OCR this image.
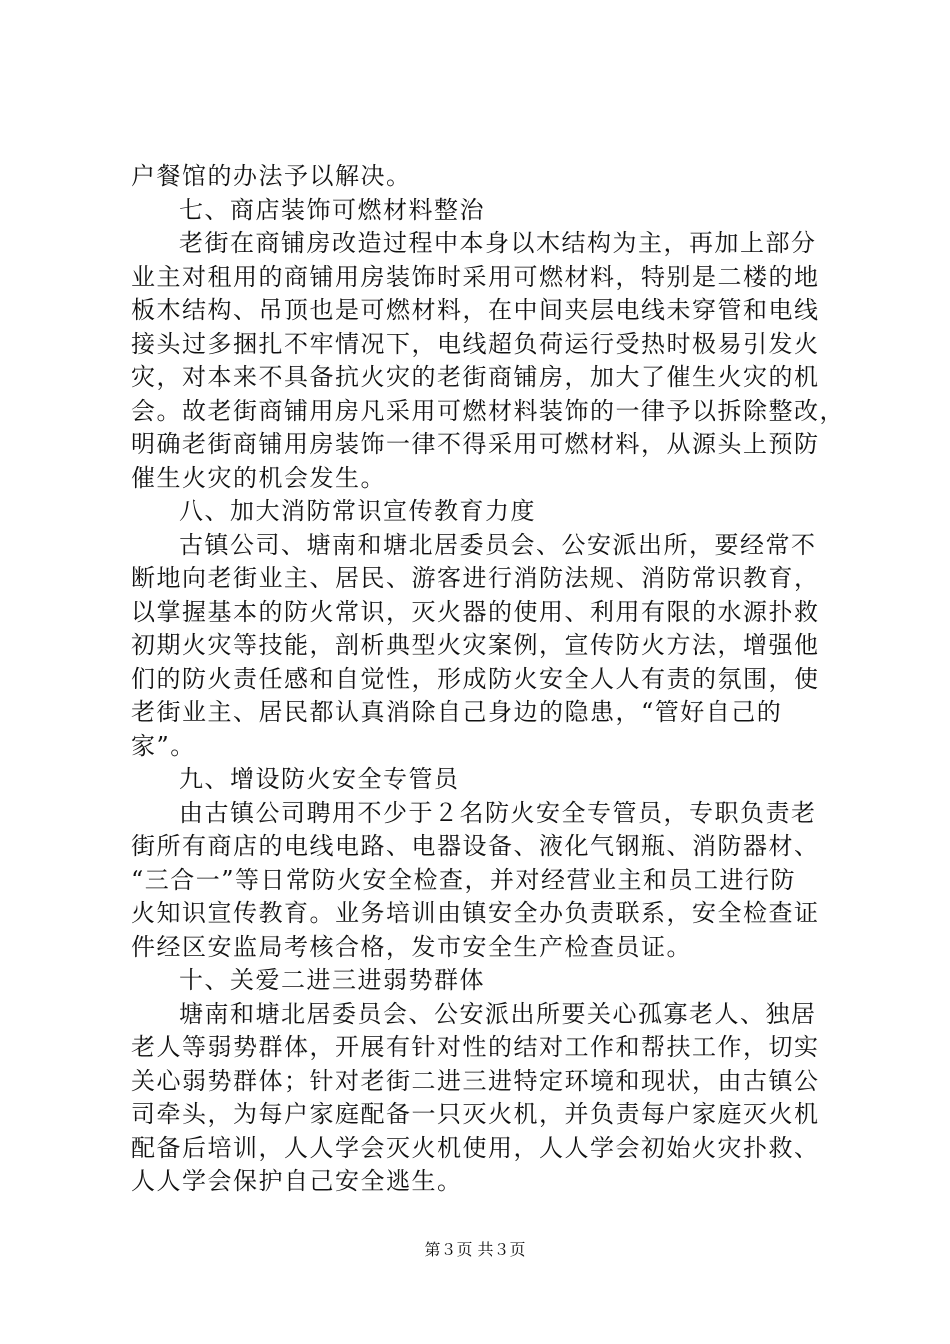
户餐馆的办法予以解决。
七、商店装饰可燃材料整治
老街在商铺房改造过程中本身以木结构为主，再加上部分
业主对租用的商铺用房装饰时采用可燃材料，特别是二楼的地
板木结构、吊顶也是可燃材料，在中间夹层电线未穿管和电线
接头过多捆扎不牢情况下，电线超负荷运行受热时极易引发火
灾，对本来不具备抗火灾的老街商铺房，加大了催生火灾的机
会。故老街商铺用房凡采用可燃材料装饰的一律予以拆除整改，
明确老街商铺用房装饰一律不得采用可燃材料，从源头上预防
催生火灾的机会发生。
八、加大消防常识宣传教育力度
古镇公司、塘南和塘北居委员会、公安派出所，要经常不
断地向老街业主、居民、游客进行消防法规、消防常识教育，
以掌握基本的防火常识，灭火器的使用、利用有限的水源扑救
初期火灾等技能，剖析典型火灾案例，宣传防火方法，增强他
们的防火责任感和自觉性，形成防火安全人人有责的氛围，使
老街业主、居民都认真消除自己身边的隐患，“管好自己的
家”。
九、增设防火安全专管员
由古镇公司聘用不少于２名防火安全专管员，专职负责老
街所有商店的电线电路、电器设备、液化气钢瓶、消防器材、
“三合一”等日常防火安全检查，并对经营业主和员工进行防
火知识宣传教育。业务培训由镇安全办负责联系，安全检查证
件经区安监局考核合格，发市安全生产检查员证。
十、关爱二进三进弱势群体
塘南和塘北居委员会、公安派出所要关心孤寡老人、独居
老人等弱势群体，开展有针对性的结对工作和帮扶工作，切实
关心弱势群体；针对老街二进三进特定环境和现状，由古镇公
司牵头，为每户家庭配备一只灭火机，并负责每户家庭灭火机
配备后培训，人人学会灭火机使用，人人学会初始火灾扑救、
人人学会保护自己安全逃生。
第３页 共３页
